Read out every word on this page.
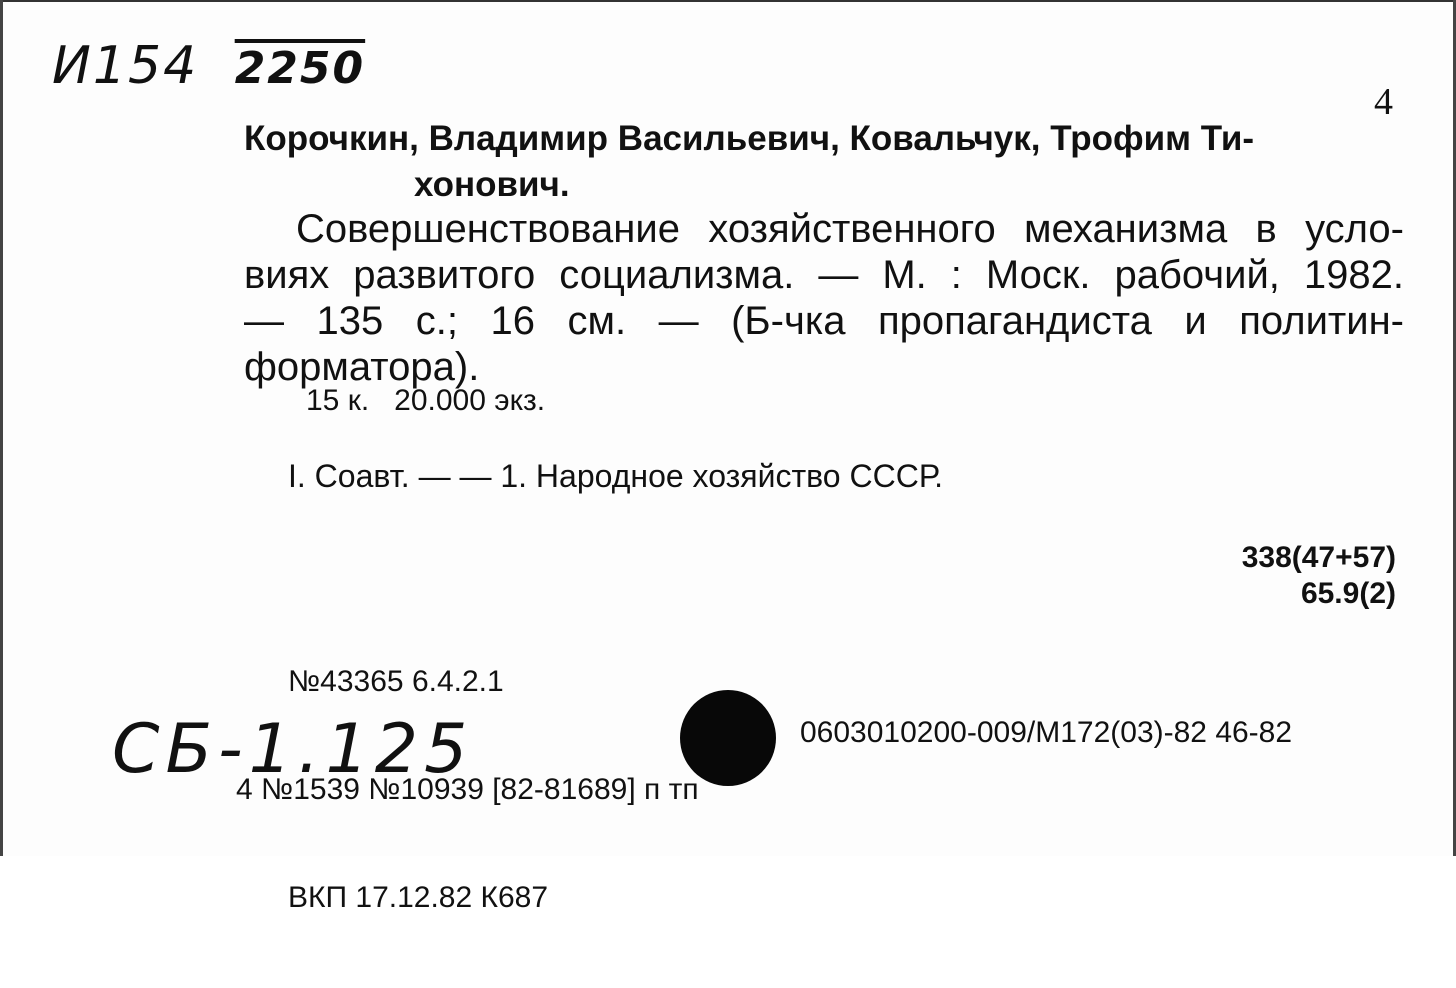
И154 2250
4
Корочкин, Владимир Васильевич, Ковальчук, Трофим Ти-
хонович.
Совершенствование хозяйственного механизма в усло-
виях развитого социализма. — М. : Моск. рабочий, 1982.
— 135 с.; 16 см. — (Б-чка пропагандиста и политин-
форматора).
15 к.   20.000 экз.
I. Соавт. — — 1. Народное хозяйство СССР.
338(47+57)
65.9(2)

№43365 6.4.2.1

4 №1539 №10939 [82-81689] п тп

ВКП 17.12.82 К687

СБ-1.125	0603010200-009/М172(03)-82 46-82
